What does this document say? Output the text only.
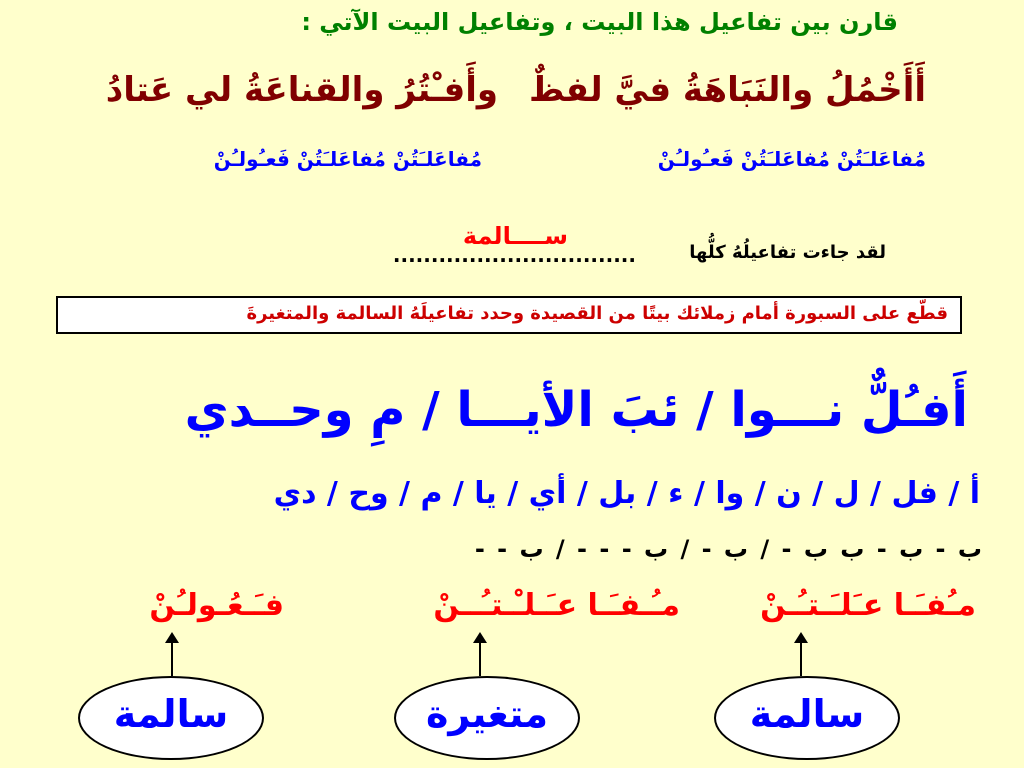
قارن بين تفاعيل هذا البيت ، وتفاعيل البيت الآتي :
أَأَخْمُلُ والنَبَاهَةُ فيَّ لفظٌ
وأَفـْتُرُ والقناعَةُ لي عَتادُ
مُفاعَلـَتُنْ مُفاعَلـَتُنْ فَعـُولـُنْ
مُفاعَلـَتُنْ مُفاعَلـَتُنْ فَعـُولـُنْ
لقد جاءت تفاعيلُهُ كلُّها
ســــالمة
................................
قطّع على السبورة أمام زملائك بيتًا من القصيدة وحدد تفاعيلَهُ السالمة والمتغيرةَ
أَفـُلٌّ نـــوا / ئبَ الأيـــا / مِ وحــدي
أ / فل / ل / ن / وا / ء / بل / أي / يا / م / وح / دي
ب - ب - ب ب - / ب - / ب - - - / ب - -
مـُفـَـا عـَلـَـتـُـنْ
مـُـفـَـا عـَـلـْـتـُــنْ
فـَـعُـولـُنْ
سالمة
متغيرة
سالمة
